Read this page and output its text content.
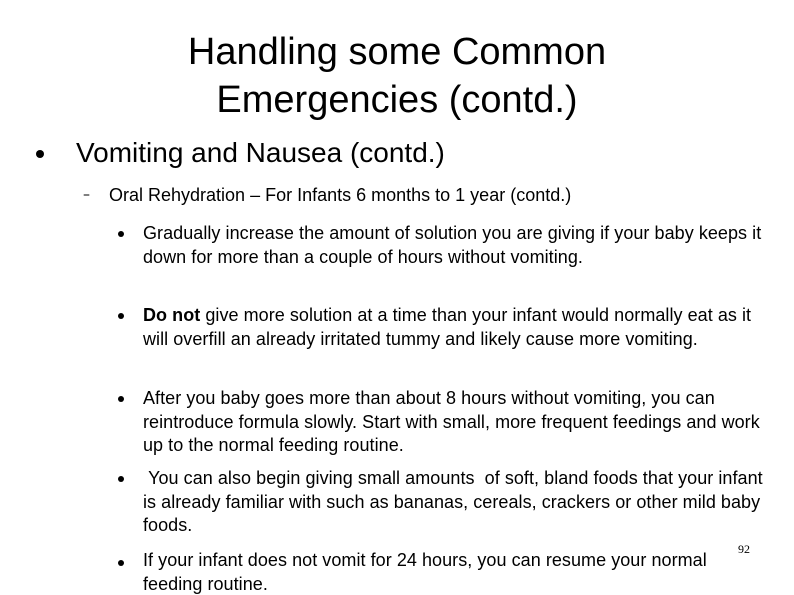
Handling some Common
Emergencies (contd.)
Vomiting and Nausea (contd.)
– Oral Rehydration – For Infants 6 months to 1 year (contd.)
Gradually increase the amount of solution you are giving if your baby keeps it down for more than a couple of hours without vomiting.
Do not give more solution at a time than your infant would normally eat as it will overfill an already irritated tummy and likely cause more vomiting.
After you baby goes more than about 8 hours without vomiting, you can reintroduce formula slowly. Start with small, more frequent feedings and work up to the normal feeding routine.
You can also begin giving small amounts  of soft, bland foods that your infant is already familiar with such as bananas, cereals, crackers or other mild baby foods.
If your infant does not vomit for 24 hours, you can resume your normal feeding routine.
92
